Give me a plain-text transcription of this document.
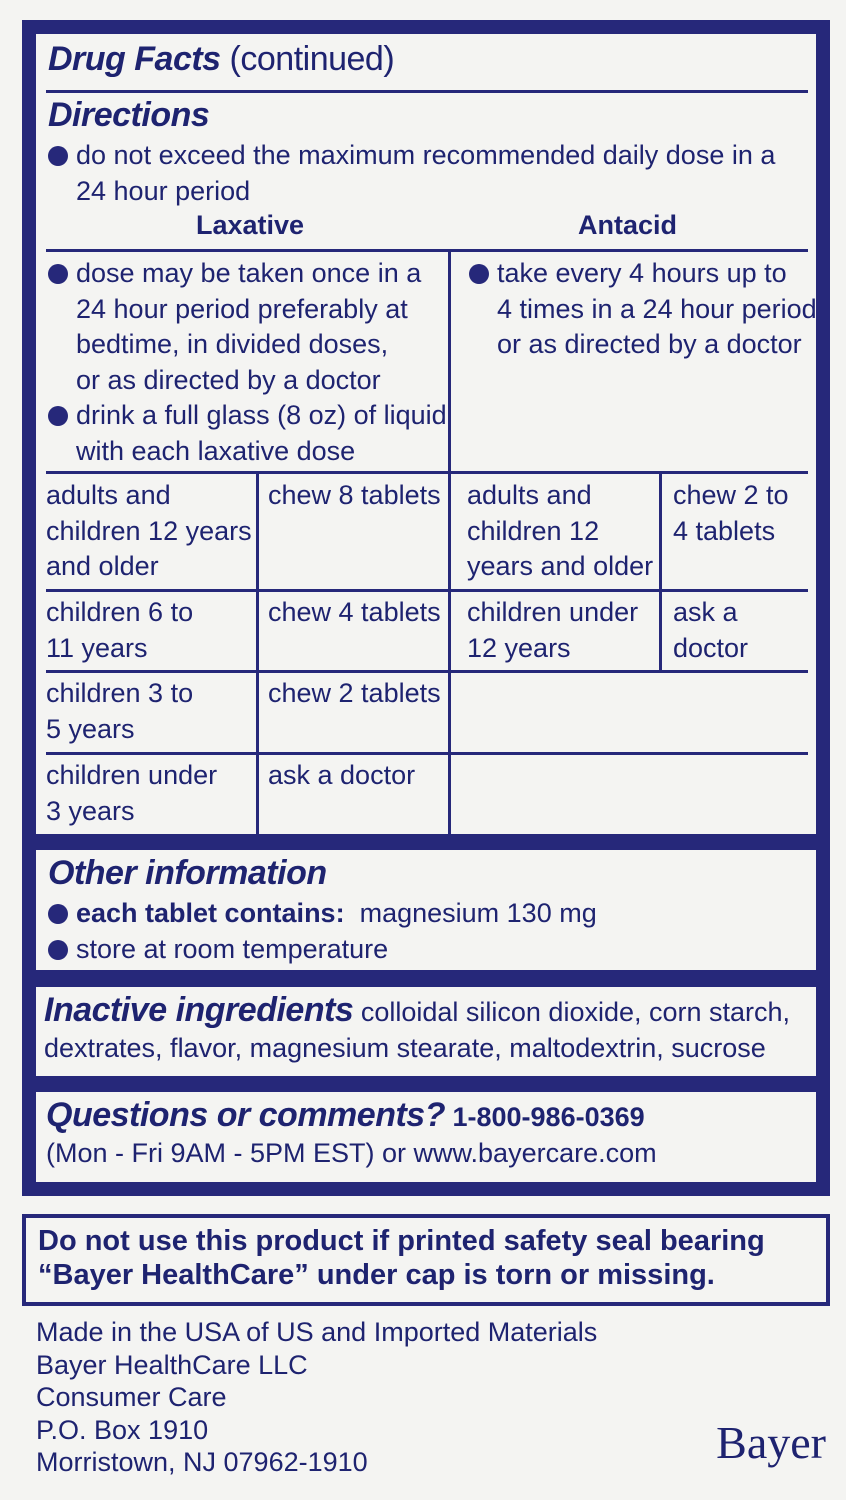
Drug Facts (continued)
Directions
do not exceed the maximum recommended daily dose in a
24 hour period
Laxative	Antacid
dose may be taken once in a
24 hour period preferably at
bedtime, in divided doses,
or as directed by a doctor
drink a full glass (8 oz) of liquid
with each laxative dose
take every 4 hours up to
4 times in a 24 hour period
or as directed by a doctor
adults and
children 12 years
and older
chew 8 tablets
children 6 to
11 years
chew 4 tablets
children 3 to
5 years
chew 2 tablets
children under
3 years
ask a doctor
adults and
children 12
years and older
chew 2 to
4 tablets
children under
12 years
ask a
doctor
Other information
each tablet contains: magnesium 130 mg
store at room temperature
Inactive ingredients colloidal silicon dioxide, corn starch,
dextrates, flavor, magnesium stearate, maltodextrin, sucrose
Questions or comments? 1-800-986-0369
(Mon - Fri 9AM - 5PM EST) or www.bayercare.com
Do not use this product if printed safety seal bearing
“Bayer HealthCare” under cap is torn or missing.
Made in the USA of US and Imported Materials
Bayer HealthCare LLC
Consumer Care
P.O. Box 1910
Morristown, NJ 07962-1910	Bayer
